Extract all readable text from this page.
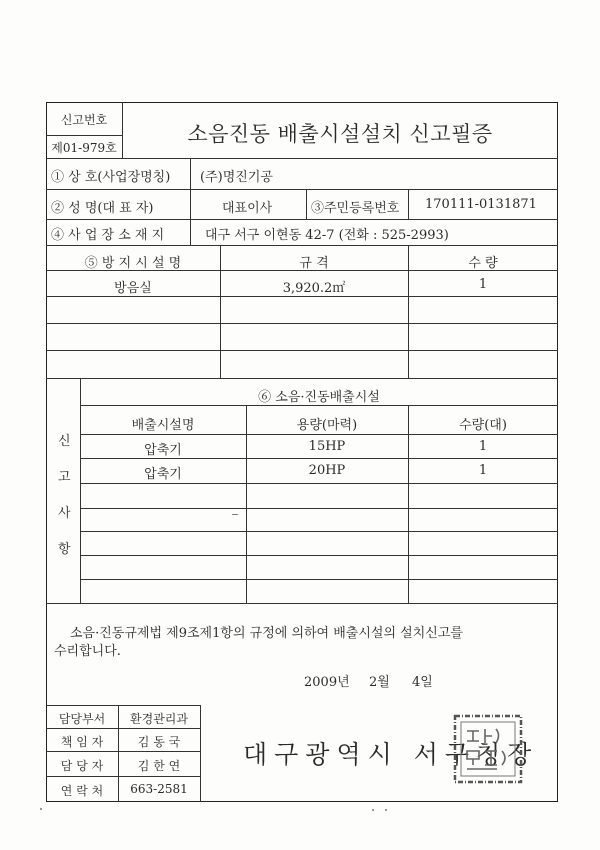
신고번호
제01-979호
소음진동 배출시설설치 신고필증
① 상 호(사업장명칭) (주)명진기공
② 성 명(대 표 자)	대표이사	③주민등록번호 170111-0131871
④ 사 업 장 소 재 지	대구 서구 이현동 42-7 (전화 : 525-2993)
⑤ 방 지 시 설 명	규 격	수 량
방음실	3,920.2㎡	1
신
고
사
항
⑥ 소음·진동배출시설
배출시설명	용량(마력)	수량(대)
압축기	15HP	1
압축기	20HP	1
소음·진동규제법 제9조제1항의 규정에 의하여 배출시설의 설치신고를
수리합니다.
2009년 2월 4일
담당부서	환경관리과
책 임 자	김 동 국
담 당 자	김 한 연
연 락 처	663-2581
대구광역시 서구청장
